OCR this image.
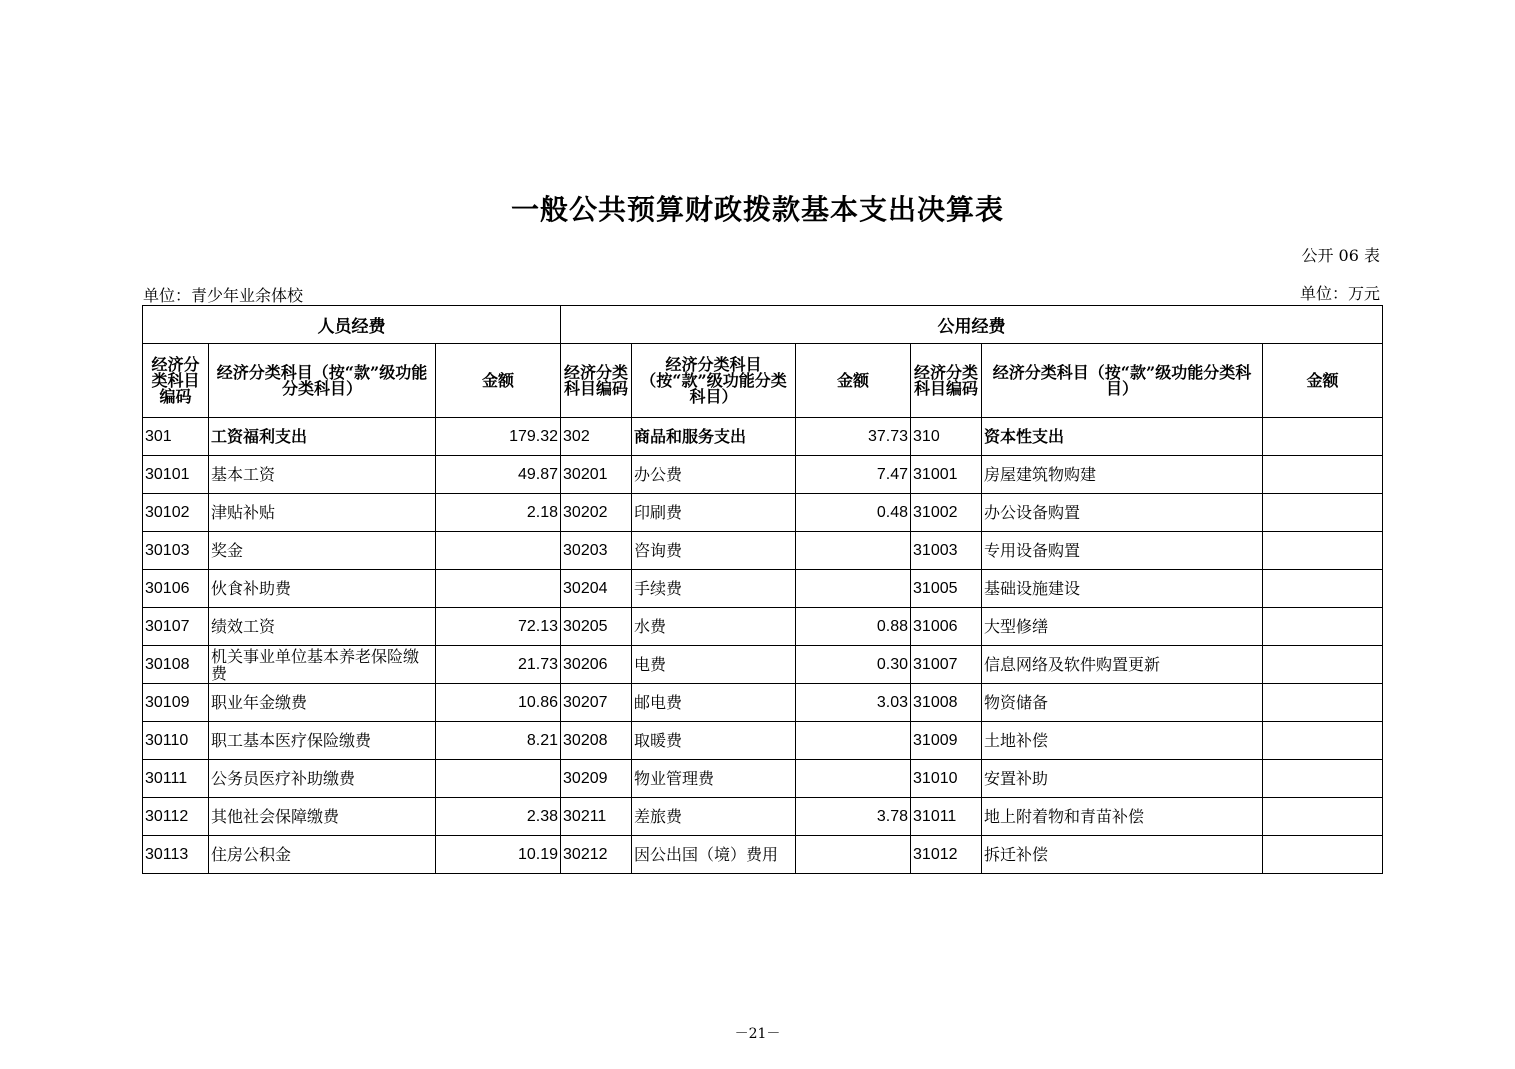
一般公共预算财政拨款基本支出决算表
公开 06 表
单位：青少年业余体校	单位：万元
人员经费			公用经费					
经济分类科目编码	经济分类科目（按“款”级功能分类科目）	金额	经济分类科目编码	经济分类科目（按“款”级功能分类科目）	金额	经济分类科目编码	经济分类科目（按“款”级功能分类科目）	金额
301	工资福利支出	179.32	302	商品和服务支出	37.73	310	资本性支出	
30101	基本工资	49.87	30201	办公费	7.47	31001	房屋建筑物购建	
30102	津贴补贴	2.18	30202	印刷费	0.48	31002	办公设备购置	
30103	奖金		30203	咨询费		31003	专用设备购置	
30106	伙食补助费		30204	手续费		31005	基础设施建设	
30107	绩效工资	72.13	30205	水费	0.88	31006	大型修缮	
30108	机关事业单位基本养老保险缴费	21.73	30206	电费	0.30	31007	信息网络及软件购置更新	
30109	职业年金缴费	10.86	30207	邮电费	3.03	31008	物资储备	
30110	职工基本医疗保险缴费	8.21	30208	取暖费		31009	土地补偿	
30111	公务员医疗补助缴费		30209	物业管理费		31010	安置补助	
30112	其他社会保障缴费	2.38	30211	差旅费	3.78	31011	地上附着物和青苗补偿	
30113	住房公积金	10.19	30212	因公出国（境）费用		31012	拆迁补偿	
－21－
